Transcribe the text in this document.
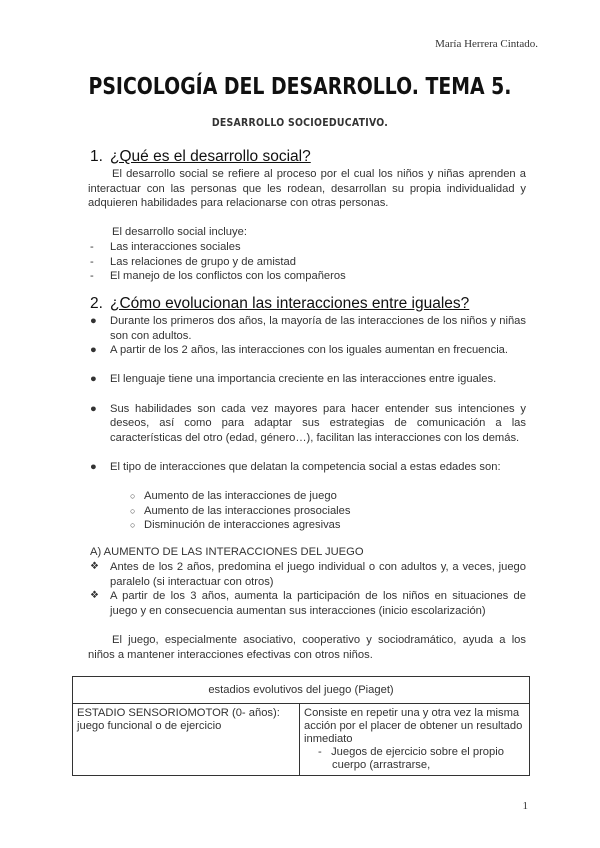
María Herrera Cintado.
PSICOLOGÍA DEL DESARROLLO. TEMA 5.
DESARROLLO SOCIOEDUCATIVO.
1. ¿Qué es el desarrollo social?

El desarrollo social se refiere al proceso por el cual los niños y niñas aprenden a interactuar con las personas que les rodean, desarrollan su propia individualidad y adquieren habilidades para relacionarse con otras personas.

El desarrollo social incluye:
-	Las interacciones sociales
-	Las relaciones de grupo y de amistad
-	El manejo de los conflictos con los compañeros
2. ¿Cómo evolucionan las interacciones entre iguales?
●	Durante los primeros dos años, la mayoría de las interacciones de los niños y niñas son con adultos.
●	A partir de los 2 años, las interacciones con los iguales aumentan en frecuencia.
●	El lenguaje tiene una importancia creciente en las interacciones entre iguales.
●	Sus habilidades son cada vez mayores para hacer entender sus intenciones y deseos, así como para adaptar sus estrategias de comunicación a las características del otro (edad, género…), facilitan las interacciones con los demás.
●	El tipo de interacciones que delatan la competencia social a estas edades son:
○ Aumento de las interacciones de juego
○ Aumento de las interacciones prosociales
○ Disminución de interacciones agresivas
A) AUMENTO DE LAS INTERACCIONES DEL JUEGO
❖ Antes de los 2 años, predomina el juego individual o con adultos y, a veces, juego paralelo (si interactuar con otros)
❖ A partir de los 3 años, aumenta la participación de los niños en situaciones de juego y en consecuencia aumentan sus interacciones (inicio escolarización)

El juego, especialmente asociativo, cooperativo y sociodramático, ayuda a los niños a mantener interacciones efectivas con otros niños.

estadios evolutivos del juego (Piaget)
ESTADIO SENSORIOMOTOR (0- años): juego funcional o de ejercicio	Consiste en repetir una y otra vez la misma acción por el placer de obtener un resultado inmediato
- Juegos de ejercicio sobre el propio cuerpo (arrastrarse,
1
